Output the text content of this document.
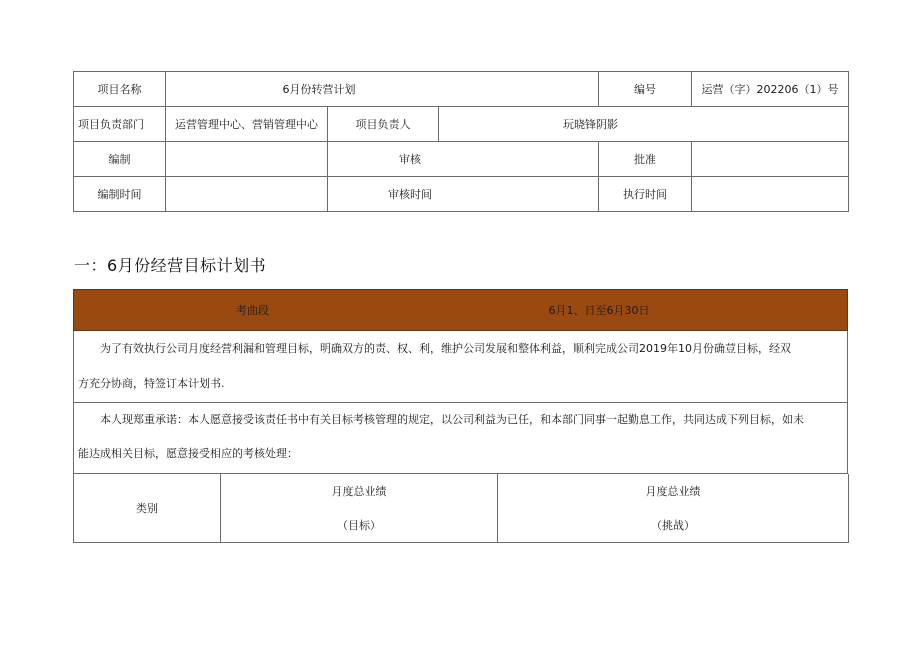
项目名称	6月份转营计划			编号	运营（字）202206（1）号
项目负责部门	运营管理中心、营销管理中心	项目负责人	玩晓锋阴影		
编制		审核		批准	
编制时间		审核时间		执行时间	
一：6月份经营目标计划书
考曲段	6月1、日至6月30日
为了有效执行公司月度经营利漏和管理目标，明确双方的责、权、利，维护公司发展和整体利益，顺利完成公司2019年10月份确荳目标，经双
方充分协商，特签订本计划书.
本人现郑重承诺：本人愿意接受该责任书中有关目标考核管理的规定，以公司利益为已任，和本部门同事一起勤息工作，共同达成下列目标，如未
能达成相关目标，愿意接受相应的考核处理：
类别	月度总业绩	月度总业绩
	（目标）	（挑战）
